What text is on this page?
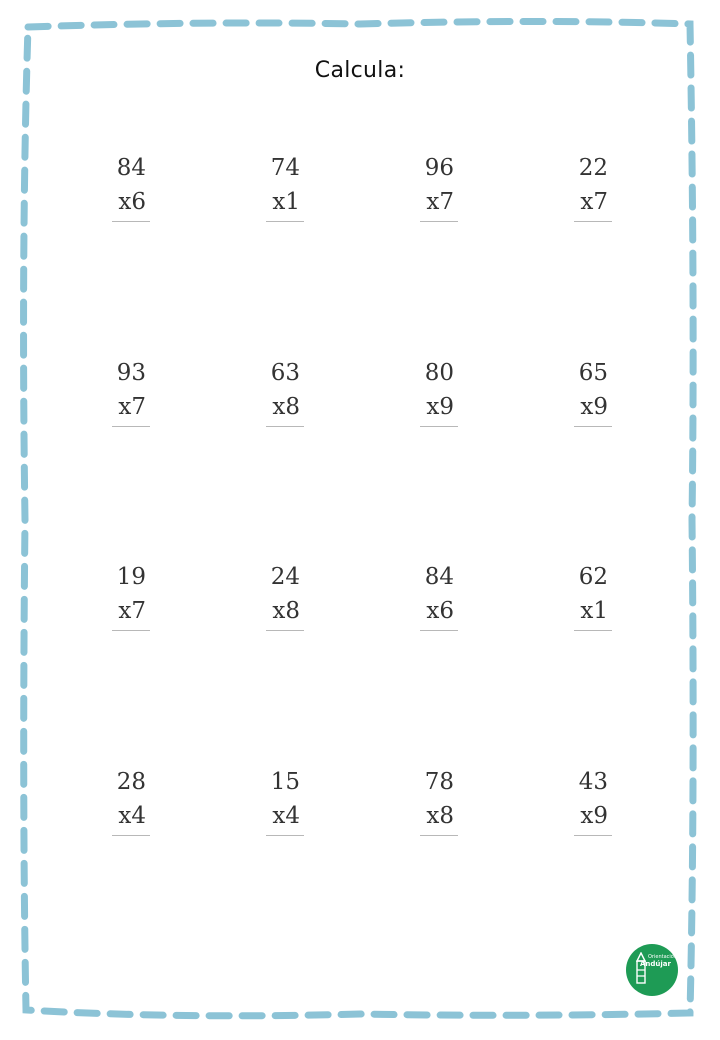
Calcula:
84
x6
74
x1
96
x7
22
x7
93
x7
63
x8
80
x9
65
x9
19
x7
24
x8
84
x6
62
x1
28
x4
15
x4
78
x8
43
x9
Orientación
Andújar
